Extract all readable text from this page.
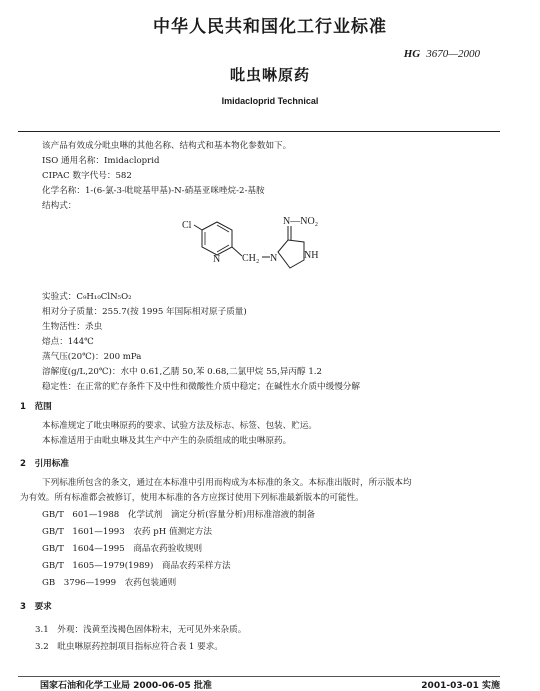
中华人民共和国化工行业标准
HG 3670—2000
吡虫啉原药
Imidacloprid Technical
该产品有效成分吡虫啉的其他名称、结构式和基本物化参数如下。
ISO 通用名称：Imidacloprid
CIPAC 数字代号：582
化学名称：1-(6-氯-3-吡啶基甲基)-N-硝基亚咪唑烷-2-基胺
结构式：
Cl
N CH₂ N	NH
N—NO₂
实验式：C₉H₁₀ClN₅O₂
相对分子质量：255.7(按 1995 年国际相对原子质量)
生物活性：杀虫
熔点：144℃
蒸气压(20℃)：200 mPa
溶解度(g/L,20℃)：水中 0.61,乙腈 50,苯 0.68,二氯甲烷 55,异丙醇 1.2
稳定性：在正常的贮存条件下及中性和微酸性介质中稳定；在碱性水介质中缓慢分解
1　范围
本标准规定了吡虫啉原药的要求、试验方法及标志、标签、包装、贮运。
本标准适用于由吡虫啉及其生产中产生的杂质组成的吡虫啉原药。
2　引用标准
下列标准所包含的条文，通过在本标准中引用而构成为本标准的条文。本标准出版时，所示版本均
为有效。所有标准都会被修订，使用本标准的各方应探讨使用下列标准最新版本的可能性。
GB/T　601—1988　化学试剂　滴定分析(容量分析)用标准溶液的制备
GB/T　1601—1993　农药 pH 值测定方法
GB/T　1604—1995　商品农药验收规则
GB/T　1605—1979(1989)　商品农药采样方法
GB　3796—1999　农药包装通则
3　要求
3.1　外观：浅黄至浅褐色固体粉末，无可见外来杂质。
3.2　吡虫啉原药控制项目指标应符合表 1 要求。
国家石油和化学工业局 2000-06-05 批准	2001-03-01 实施
